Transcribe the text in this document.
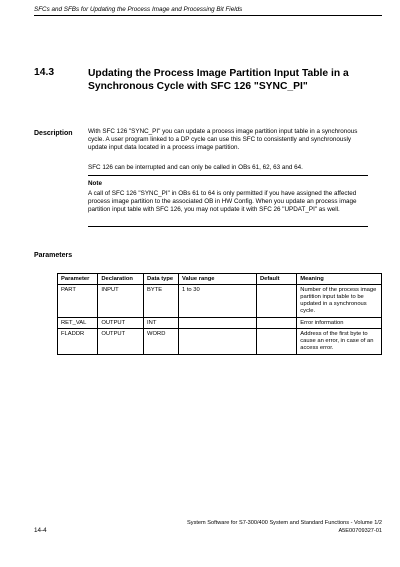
SFCs and SFBs for Updating the Process Image and Processing Bit Fields
14.3	Updating the Process Image Partition Input Table in a Synchronous Cycle with SFC 126 "SYNC_PI"
Description With SFC 126 "SYNC_PI" you can update a process image partition input table in a synchronous cycle. A user program linked to a DP cycle can use this SFC to consistently and synchronously update input data located in a process image partition.
SFC 126 can be interrupted and can only be called in OBs 61, 62, 63 and 64.
Note
A call of SFC 126 "SYNC_PI" in OBs 61 to 64 is only permitted if you have assigned the affected process image partition to the associated OB in HW Config. When you update an process image partition input table with SFC 126, you may not update it with SFC 26 "UPDAT_PI" as well.
Parameters
Parameter	Declaration	Data type	Value range	Default	Meaning
PART	INPUT	BYTE	1 to 30		Number of the process image partition input table to be updated in a synchronous cycle.
RET_VAL	OUTPUT	INT			Error information
FLADDR	OUTPUT	WORD			Address of the first byte to cause an error, in case of an access error.
System Software for S7-300/400 System and Standard Functions - Volume 1/2
14-4	A5E00709327-01
